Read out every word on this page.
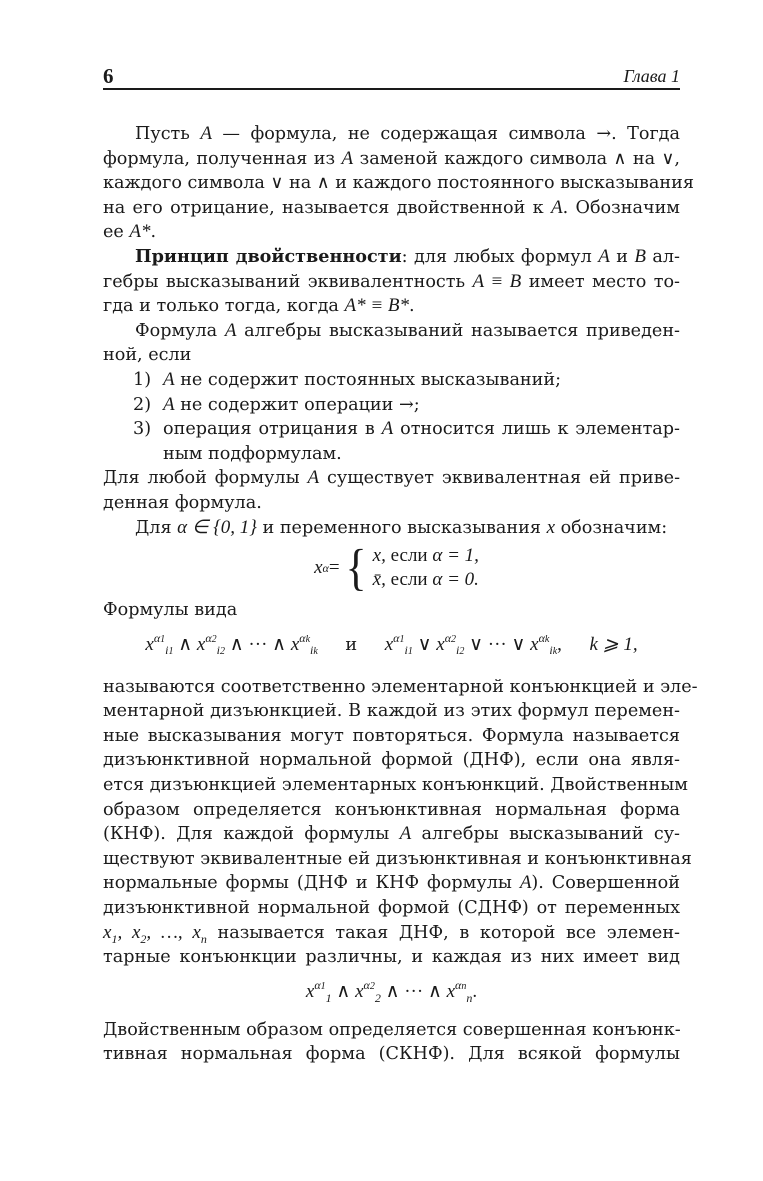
6	Глава 1
Пусть A — формула, не содержащая символа →. Тогда
формула, полученная из A заменой каждого символа ∧ на ∨,
каждого символа ∨ на ∧ и каждого постоянного высказывания
на его отрицание, называется двойственной к A. Обозначим
ее A*.
Принцип двойственности: для любых формул A и B ал-
гебры высказываний эквивалентность A ≡ B имеет место то-
гда и только тогда, когда A* ≡ B*.
Формула A алгебры высказываний называется приведен-
ной, если
1) A не содержит постоянных высказываний;
2) A не содержит операции →;
3) операция отрицания в A относится лишь к элементар-
ным подформулам.
Для любой формулы A существует эквивалентная ей приве-
денная формула.
Для α ∈ {0, 1} и переменного высказывания x обозначим:
x α = { x, если α = 1,
x̄, если α = 0.
Формулы вида
$x^{\alpha 1}_{i1}$ ∧ $x^{\alpha 2}_{i2}$ ∧ ··· ∧ $x^{\alpha k}_{ik}$ и $x^{\alpha 1}_{i1}$ ∨ $x^{\alpha 2}_{i2}$ ∨ ··· ∨ $x^{\alpha k}_{ik}$, k ⩾ 1,
называются соответственно элементарной конъюнкцией и эле-
ментарной дизъюнкцией. В каждой из этих формул перемен-
ные высказывания могут повторяться. Формула называется
дизъюнктивной нормальной формой (ДНФ), если она явля-
ется дизъюнкцией элементарных конъюнкций. Двойственным
образом определяется конъюнктивная нормальная форма
(КНФ). Для каждой формулы A алгебры высказываний су-
ществуют эквивалентные ей дизъюнктивная и конъюнктивная
нормальные формы (ДНФ и КНФ формулы A). Совершенной
дизъюнктивной нормальной формой (СДНФ) от переменных
$x_1$, $x_2$, …, $x_n$ называется такая ДНФ, в которой все элемен-
тарные конъюнкции различны, и каждая из них имеет вид
$x^{\alpha 1}_1$ ∧ $x^{\alpha 2}_2$ ∧ ··· ∧ $x^{\alpha n}_n$.
Двойственным образом определяется совершенная конъюнк-
тивная нормальная форма (СКНФ). Для всякой формулы
